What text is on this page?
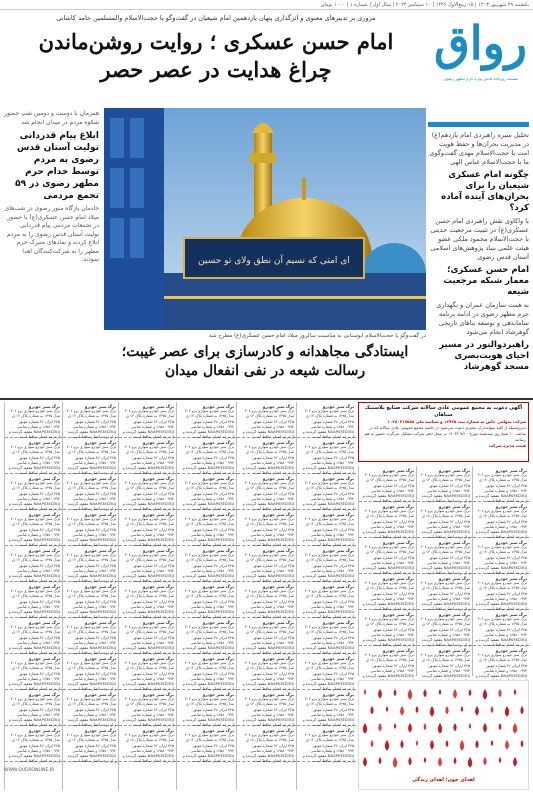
یکشنبه ۲۹ شهریور ۱۴۰۳ | ۱۵ ربیع‌الاول ۱۴۴۶ | ۱۰ سپتامبر ۲۰۲۴ | سال اول | شماره ۱ | ۱۰۰۰ تومان
رواق
ضمیمه روزنامه قدس ویژه حرم مطهر رضوی
مروری بر تدبیرهای معنوی و اثرگذاری پنهان یازدهمین امام شیعیان در گفت‌وگو با حجت‌الاسلام والمسلمین حامد کاشانی
امام حسن عسکری ؛ روایت روشن‌ماندن
چراغ هدایت در عصر حصر

تحلیل سیره راهبردی امام یازدهم(ع) در مدیریت بحران‌ها و حفظ هویت امت با حجت‌الاسلام مهدی گفت‌وگوی ما با حجت‌الاسلام عباس الهی

چگونه امام عسکری شیعیان را برای بحران‌های آینده آماده کرد؟

با واکاوی نقش راهبردی امام حسن عسکری(ع) در تثبیت مرجعیت حدیثی با حجت‌الاسلام محمود ملکی عضو هیئت علمی بنیاد پژوهش‌های اسلامی آستان قدس رضوی

امام حسن عسکری؛ معمار شبکه مرجعیت شیعه

به همت سازمان عمران و نگهداری حرم مطهر رضوی در ادامه برنامه ساماندهی و توسعه بناهای تاریخی گوهرشاد انجام می‌شود

راهبردوالنور در مسیر احیای هویت‌بصری مسجد گوهرشاد

همزمان با دوست و دومین شب حضور شکوه مردم در میدان انجام شد

ابلاغ پیام قدردانی تولیت آستان قدس رضوی به مردم توسط خدام حرم مطهر رضوی در ۵۹ تجمع مردمی

خادمان بارگاه منور رضوی در شب‌های میلاد امام حسن عسکری(ع) با حضور در تجمعات مردمی پیام قدردانی تولیت آستان قدس رضوی را به مردم ابلاغ کردند و نمادهای متبرک حرم مطهر را به شرکت‌کنندگان اهدا نمودند.	ای امتی که نسیم آن نطق ولای تو حسین
در گفت‌وگو با حجت‌الاسلام ابوسنانی به مناسبت سالروز میلاد امام حسن عسکری(ع) مطرح شد
ایستادگی مجاهدانه و کادرسازی برای عصر غیبت؛
رسالت شیعه در نفی انفعال میدان
آگهی دعوت به مجمع عمومی عادی سالانه شرکت صنایع پلاستیک سپاهان
شرکت سهامی خاص به شماره ثبت ۱۶۷۲۵ و شناسه ملی ۱۰۲۸۰۳۱۷۵۸۸
بدین‌وسیله از کلیه سهامداران محترم دعوت می‌شود در جلسه مجمع عمومی عادی سالانه که در ساعت ۱۰ صبح روز سه‌شنبه مورخ ۱۴۰۳/۰۷/۱۰ در محل دفتر شرکت تشکیل می‌گردد حضور به هم رسانند.
هیئت مدیره شرکت
برگ سبز خودرو
برگ سبز خودرو سواری پژو ۲۰۶ مدل ۱۳۹۵ به شماره پلاک ۱۲ ق ۳۴۵ ایران ۳۶ شماره موتور ۱۶۵۸۰۰۹۹۴ و شماره شاسی NAAP03ED3GJ مفقود گردیده و از درجه اعتبار ساقط است.
برگ سبز خودرو
برگ سبز خودرو سواری پژو ۲۰۶ مدل ۱۳۹۵ به شماره پلاک ۱۲ ق ۳۴۵ ایران ۳۶ شماره موتور ۱۶۵۸۰۰۹۹۴ و شماره شاسی NAAP03ED3GJ مفقود گردیده و از درجه اعتبار ساقط است.
برگ سبز خودرو
برگ سبز خودرو سواری پژو ۲۰۶ مدل ۱۳۹۵ به شماره پلاک ۱۲ ق ۳۴۵ ایران ۳۶ شماره موتور ۱۶۵۸۰۰۹۹۴ و شماره شاسی NAAP03ED3GJ مفقود گردیده و از درجه اعتبار ساقط است.
برگ سبز خودرو
برگ سبز خودرو سواری پژو ۲۰۶ مدل ۱۳۹۵ به شماره پلاک ۱۲ ق ۳۴۵ ایران ۳۶ شماره موتور ۱۶۵۸۰۰۹۹۴ و شماره شاسی NAAP03ED3GJ مفقود گردیده و از درجه اعتبار ساقط است.
برگ سبز خودرو
برگ سبز خودرو سواری پژو ۲۰۶ مدل ۱۳۹۵ به شماره پلاک ۱۲ ق ۳۴۵ ایران ۳۶ شماره موتور ۱۶۵۸۰۰۹۹۴ و شماره شاسی NAAP03ED3GJ مفقود گردیده و از درجه اعتبار ساقط است.
برگ سبز خودرو
برگ سبز خودرو سواری پژو ۲۰۶ مدل ۱۳۹۵ به شماره پلاک ۱۲ ق ۳۴۵ ایران ۳۶ شماره موتور ۱۶۵۸۰۰۹۹۴ و شماره شاسی NAAP03ED3GJ مفقود گردیده و از درجه اعتبار ساقط است.
برگ سبز خودرو
برگ سبز خودرو سواری پژو ۲۰۶ مدل ۱۳۹۵ به شماره پلاک ۱۲ ق ۳۴۵ ایران ۳۶ شماره موتور ۱۶۵۸۰۰۹۹۴ و شماره شاسی NAAP03ED3GJ مفقود گردیده و از درجه اعتبار ساقط است.
برگ سبز خودرو
برگ سبز خودرو سواری پژو ۲۰۶ مدل ۱۳۹۵ به شماره پلاک ۱۲ ق ۳۴۵ ایران ۳۶ شماره موتور ۱۶۵۸۰۰۹۹۴ و شماره شاسی NAAP03ED3GJ مفقود گردیده و از درجه اعتبار ساقط است.
برگ سبز خودرو
برگ سبز خودرو سواری پژو ۲۰۶ مدل ۱۳۹۵ به شماره پلاک ۱۲ ق ۳۴۵ ایران ۳۶ شماره موتور ۱۶۵۸۰۰۹۹۴ و شماره شاسی NAAP03ED3GJ مفقود گردیده و از درجه اعتبار ساقط است.
برگ سبز خودرو
برگ سبز خودرو سواری پژو ۲۰۶ مدل ۱۳۹۵ به شماره پلاک ۱۲ ق ۳۴۵ ایران ۳۶ شماره موتور ۱۶۵۸۰۰۹۹۴ و شماره شاسی NAAP03ED3GJ مفقود گردیده و از درجه اعتبار ساقط است.
برگ سبز خودرو
برگ سبز خودرو سواری پژو ۲۰۶ مدل ۱۳۹۵ به شماره پلاک ۱۲ ق ۳۴۵ ایران ۳۶ شماره موتور ۱۶۵۸۰۰۹۹۴ و شماره شاسی NAAP03ED3GJ مفقود گردیده و از درجه اعتبار ساقط است.
برگ سبز خودرو
برگ سبز خودرو سواری پژو ۲۰۶ مدل ۱۳۹۵ به شماره پلاک ۱۲ ق ۳۴۵ ایران ۳۶ شماره موتور ۱۶۵۸۰۰۹۹۴ و شماره شاسی NAAP03ED3GJ مفقود گردیده و از درجه اعتبار ساقط است.
برگ سبز خودرو
برگ سبز خودرو سواری پژو ۲۰۶ مدل ۱۳۹۵ به شماره پلاک ۱۲ ق ۳۴۵ ایران ۳۶ شماره موتور ۱۶۵۸۰۰۹۹۴ و شماره شاسی NAAP03ED3GJ مفقود گردیده و از درجه اعتبار ساقط است.
برگ سبز خودرو
برگ سبز خودرو سواری پژو ۲۰۶ مدل ۱۳۹۵ به شماره پلاک ۱۲ ق ۳۴۵ ایران ۳۶ شماره موتور ۱۶۵۸۰۰۹۹۴ و شماره شاسی NAAP03ED3GJ مفقود گردیده و از درجه اعتبار ساقط است.
برگ سبز خودرو
برگ سبز خودرو سواری پژو ۲۰۶ مدل ۱۳۹۵ به شماره پلاک ۱۲ ق ۳۴۵ ایران ۳۶ شماره موتور ۱۶۵۸۰۰۹۹۴ و شماره شاسی NAAP03ED3GJ مفقود گردیده و از درجه اعتبار ساقط است.
برگ سبز خودرو
برگ سبز خودرو سواری پژو ۲۰۶ مدل ۱۳۹۵ به شماره پلاک ۱۲ ق ۳۴۵ ایران ۳۶ شماره موتور ۱۶۵۸۰۰۹۹۴ و شماره شاسی NAAP03ED3GJ مفقود گردیده و از درجه اعتبار ساقط است.
برگ سبز خودرو
برگ سبز خودرو سواری پژو ۲۰۶ مدل ۱۳۹۵ به شماره پلاک ۱۲ ق ۳۴۵ ایران ۳۶ شماره موتور ۱۶۵۸۰۰۹۹۴ و شماره شاسی NAAP03ED3GJ مفقود گردیده و از درجه اعتبار ساقط است.
برگ سبز خودرو
برگ سبز خودرو سواری پژو ۲۰۶ مدل ۱۳۹۵ به شماره پلاک ۱۲ ق ۳۴۵ ایران ۳۶ شماره موتور ۱۶۵۸۰۰۹۹۴ و شماره شاسی NAAP03ED3GJ مفقود گردیده و از درجه اعتبار ساقط است.
برگ سبز خودرو
برگ سبز خودرو سواری پژو ۲۰۶ مدل ۱۳۹۵ به شماره پلاک ۱۲ ق ۳۴۵ ایران ۳۶ شماره موتور ۱۶۵۸۰۰۹۹۴ و شماره شاسی NAAP03ED3GJ مفقود گردیده و از درجه اعتبار ساقط است.
برگ سبز خودرو
برگ سبز خودرو سواری پژو ۲۰۶ مدل ۱۳۹۵ به شماره پلاک ۱۲ ق ۳۴۵ ایران ۳۶ شماره موتور ۱۶۵۸۰۰۹۹۴ و شماره شاسی NAAP03ED3GJ مفقود گردیده و از درجه اعتبار ساقط است.
برگ سبز خودرو
برگ سبز خودرو سواری پژو ۲۰۶ مدل ۱۳۹۵ به شماره پلاک ۱۲ ق ۳۴۵ ایران ۳۶ شماره موتور ۱۶۵۸۰۰۹۹۴ و شماره شاسی NAAP03ED3GJ مفقود گردیده و از درجه اعتبار ساقط است.
برگ سبز خودرو
برگ سبز خودرو سواری پژو ۲۰۶ مدل ۱۳۹۵ به شماره پلاک ۱۲ ق ۳۴۵ ایران ۳۶ شماره موتور ۱۶۵۸۰۰۹۹۴ و شماره شاسی NAAP03ED3GJ مفقود گردیده و از درجه اعتبار ساقط است.
برگ سبز خودرو
برگ سبز خودرو سواری پژو ۲۰۶ مدل ۱۳۹۵ به شماره پلاک ۱۲ ق ۳۴۵ ایران ۳۶ شماره موتور ۱۶۵۸۰۰۹۹۴ و شماره شاسی NAAP03ED3GJ مفقود گردیده و از درجه اعتبار ساقط است.
برگ سبز خودرو
برگ سبز خودرو سواری پژو ۲۰۶ مدل ۱۳۹۵ به شماره پلاک ۱۲ ق ۳۴۵ ایران ۳۶ شماره موتور ۱۶۵۸۰۰۹۹۴ و شماره شاسی NAAP03ED3GJ مفقود گردیده و از درجه اعتبار ساقط است.
برگ سبز خودرو
برگ سبز خودرو سواری پژو ۲۰۶ مدل ۱۳۹۵ به شماره پلاک ۱۲ ق ۳۴۵ ایران ۳۶ شماره موتور ۱۶۵۸۰۰۹۹۴ و شماره شاسی NAAP03ED3GJ مفقود گردیده و از درجه اعتبار ساقط است.
برگ سبز خودرو
برگ سبز خودرو سواری پژو ۲۰۶ مدل ۱۳۹۵ به شماره پلاک ۱۲ ق ۳۴۵ ایران ۳۶ شماره موتور ۱۶۵۸۰۰۹۹۴ و شماره شاسی NAAP03ED3GJ مفقود گردیده و از درجه اعتبار ساقط است.
برگ سبز خودرو
برگ سبز خودرو سواری پژو ۲۰۶ مدل ۱۳۹۵ به شماره پلاک ۱۲ ق ۳۴۵ ایران ۳۶ شماره موتور ۱۶۵۸۰۰۹۹۴ و شماره شاسی NAAP03ED3GJ مفقود گردیده و از درجه اعتبار ساقط است.
برگ سبز خودرو
برگ سبز خودرو سواری پژو ۲۰۶ مدل ۱۳۹۵ به شماره پلاک ۱۲ ق ۳۴۵ ایران ۳۶ شماره موتور ۱۶۵۸۰۰۹۹۴ و شماره شاسی NAAP03ED3GJ مفقود گردیده و از درجه اعتبار ساقط است.
برگ سبز خودرو
برگ سبز خودرو سواری پژو ۲۰۶ مدل ۱۳۹۵ به شماره پلاک ۱۲ ق ۳۴۵ ایران ۳۶ شماره موتور ۱۶۵۸۰۰۹۹۴ و شماره شاسی NAAP03ED3GJ مفقود گردیده و از درجه اعتبار ساقط است.
برگ سبز خودرو
برگ سبز خودرو سواری پژو ۲۰۶ مدل ۱۳۹۵ به شماره پلاک ۱۲ ق ۳۴۵ ایران ۳۶ شماره موتور ۱۶۵۸۰۰۹۹۴ و شماره شاسی NAAP03ED3GJ مفقود گردیده و از درجه اعتبار ساقط است.
برگ سبز خودرو
برگ سبز خودرو سواری پژو ۲۰۶ مدل ۱۳۹۵ به شماره پلاک ۱۲ ق ۳۴۵ ایران ۳۶ شماره موتور ۱۶۵۸۰۰۹۹۴ و شماره شاسی NAAP03ED3GJ مفقود گردیده و از درجه اعتبار ساقط است.
برگ سبز خودرو
برگ سبز خودرو سواری پژو ۲۰۶ مدل ۱۳۹۵ به شماره پلاک ۱۲ ق ۳۴۵ ایران ۳۶ شماره موتور ۱۶۵۸۰۰۹۹۴ و شماره شاسی NAAP03ED3GJ مفقود گردیده و از درجه اعتبار ساقط است.
برگ سبز خودرو
برگ سبز خودرو سواری پژو ۲۰۶ مدل ۱۳۹۵ به شماره پلاک ۱۲ ق ۳۴۵ ایران ۳۶ شماره موتور ۱۶۵۸۰۰۹۹۴ و شماره شاسی NAAP03ED3GJ مفقود گردیده و از درجه اعتبار ساقط است.
برگ سبز خودرو
برگ سبز خودرو سواری پژو ۲۰۶ مدل ۱۳۹۵ به شماره پلاک ۱۲ ق ۳۴۵ ایران ۳۶ شماره موتور ۱۶۵۸۰۰۹۹۴ و شماره شاسی NAAP03ED3GJ مفقود گردیده و از درجه اعتبار ساقط است.
برگ سبز خودرو
برگ سبز خودرو سواری پژو ۲۰۶ مدل ۱۳۹۵ به شماره پلاک ۱۲ ق ۳۴۵ ایران ۳۶ شماره موتور ۱۶۵۸۰۰۹۹۴ و شماره شاسی NAAP03ED3GJ مفقود گردیده و از درجه اعتبار ساقط است.
برگ سبز خودرو
برگ سبز خودرو سواری پژو ۲۰۶ مدل ۱۳۹۵ به شماره پلاک ۱۲ ق ۳۴۵ ایران ۳۶ شماره موتور ۱۶۵۸۰۰۹۹۴ و شماره شاسی NAAP03ED3GJ مفقود گردیده و از درجه اعتبار ساقط است.
برگ سبز خودرو
برگ سبز خودرو سواری پژو ۲۰۶ مدل ۱۳۹۵ به شماره پلاک ۱۲ ق ۳۴۵ ایران ۳۶ شماره موتور ۱۶۵۸۰۰۹۹۴ و شماره شاسی NAAP03ED3GJ مفقود گردیده و از درجه اعتبار ساقط است.
برگ سبز خودرو
برگ سبز خودرو سواری پژو ۲۰۶ مدل ۱۳۹۵ به شماره پلاک ۱۲ ق ۳۴۵ ایران ۳۶ شماره موتور ۱۶۵۸۰۰۹۹۴ و شماره شاسی NAAP03ED3GJ مفقود گردیده و از درجه اعتبار ساقط است.
برگ سبز خودرو
برگ سبز خودرو سواری پژو ۲۰۶ مدل ۱۳۹۵ به شماره پلاک ۱۲ ق ۳۴۵ ایران ۳۶ شماره موتور ۱۶۵۸۰۰۹۹۴ و شماره شاسی NAAP03ED3GJ مفقود گردیده و از درجه اعتبار ساقط است.
برگ سبز خودرو
برگ سبز خودرو سواری پژو ۲۰۶ مدل ۱۳۹۵ به شماره پلاک ۱۲ ق ۳۴۵ ایران ۳۶ شماره موتور ۱۶۵۸۰۰۹۹۴ و شماره شاسی NAAP03ED3GJ مفقود گردیده و از درجه اعتبار ساقط است.
برگ سبز خودرو
برگ سبز خودرو سواری پژو ۲۰۶ مدل ۱۳۹۵ به شماره پلاک ۱۲ ق ۳۴۵ ایران ۳۶ شماره موتور ۱۶۵۸۰۰۹۹۴ و شماره شاسی NAAP03ED3GJ مفقود گردیده و از درجه اعتبار ساقط است.
برگ سبز خودرو
برگ سبز خودرو سواری پژو ۲۰۶ مدل ۱۳۹۵ به شماره پلاک ۱۲ ق ۳۴۵ ایران ۳۶ شماره موتور ۱۶۵۸۰۰۹۹۴ و شماره شاسی NAAP03ED3GJ مفقود گردیده و از درجه اعتبار ساقط است.
برگ سبز خودرو
برگ سبز خودرو سواری پژو ۲۰۶ مدل ۱۳۹۵ به شماره پلاک ۱۲ ق ۳۴۵ ایران ۳۶ شماره موتور ۱۶۵۸۰۰۹۹۴ و شماره شاسی NAAP03ED3GJ مفقود گردیده و از درجه اعتبار ساقط است.
برگ سبز خودرو
برگ سبز خودرو سواری پژو ۲۰۶ مدل ۱۳۹۵ به شماره پلاک ۱۲ ق ۳۴۵ ایران ۳۶ شماره موتور ۱۶۵۸۰۰۹۹۴ و شماره شاسی NAAP03ED3GJ مفقود گردیده و از درجه اعتبار ساقط است.
برگ سبز خودرو
برگ سبز خودرو سواری پژو ۲۰۶ مدل ۱۳۹۵ به شماره پلاک ۱۲ ق ۳۴۵ ایران ۳۶ شماره موتور ۱۶۵۸۰۰۹۹۴ و شماره شاسی NAAP03ED3GJ مفقود گردیده و از درجه اعتبار ساقط است.
برگ سبز خودرو
برگ سبز خودرو سواری پژو ۲۰۶ مدل ۱۳۹۵ به شماره پلاک ۱۲ ق ۳۴۵ ایران ۳۶ شماره موتور ۱۶۵۸۰۰۹۹۴ و شماره شاسی NAAP03ED3GJ مفقود گردیده و از درجه اعتبار ساقط است.
برگ سبز خودرو
برگ سبز خودرو سواری پژو ۲۰۶ مدل ۱۳۹۵ به شماره پلاک ۱۲ ق ۳۴۵ ایران ۳۶ شماره موتور ۱۶۵۸۰۰۹۹۴ و شماره شاسی NAAP03ED3GJ مفقود گردیده و از درجه اعتبار ساقط است.
برگ سبز خودرو
برگ سبز خودرو سواری پژو ۲۰۶ مدل ۱۳۹۵ به شماره پلاک ۱۲ ق ۳۴۵ ایران ۳۶ شماره موتور ۱۶۵۸۰۰۹۹۴ و شماره شاسی NAAP03ED3GJ مفقود گردیده و از درجه اعتبار ساقط است.
برگ سبز خودرو
برگ سبز خودرو سواری پژو ۲۰۶ مدل ۱۳۹۵ به شماره پلاک ۱۲ ق ۳۴۵ ایران ۳۶ شماره موتور ۱۶۵۸۰۰۹۹۴ و شماره شاسی NAAP03ED3GJ مفقود گردیده و از درجه اعتبار ساقط است.
برگ سبز خودرو
برگ سبز خودرو سواری پژو ۲۰۶ مدل ۱۳۹۵ به شماره پلاک ۱۲ ق ۳۴۵ ایران ۳۶ شماره موتور ۱۶۵۸۰۰۹۹۴ و شماره شاسی NAAP03ED3GJ مفقود گردیده و از درجه اعتبار ساقط است.
برگ سبز خودرو
برگ سبز خودرو سواری پژو ۲۰۶ مدل ۱۳۹۵ به شماره پلاک ۱۲ ق ۳۴۵ ایران ۳۶ شماره موتور ۱۶۵۸۰۰۹۹۴ و شماره شاسی NAAP03ED3GJ مفقود گردیده و از درجه اعتبار ساقط است.
برگ سبز خودرو
برگ سبز خودرو سواری پژو ۲۰۶ مدل ۱۳۹۵ به شماره پلاک ۱۲ ق ۳۴۵ ایران ۳۶ شماره موتور ۱۶۵۸۰۰۹۹۴ و شماره شاسی NAAP03ED3GJ مفقود گردیده و از درجه اعتبار ساقط است.
برگ سبز خودرو
برگ سبز خودرو سواری پژو ۲۰۶ مدل ۱۳۹۵ به شماره پلاک ۱۲ ق ۳۴۵ ایران ۳۶ شماره موتور ۱۶۵۸۰۰۹۹۴ و شماره شاسی NAAP03ED3GJ مفقود گردیده و از درجه اعتبار ساقط است.
برگ سبز خودرو
برگ سبز خودرو سواری پژو ۲۰۶ مدل ۱۳۹۵ به شماره پلاک ۱۲ ق ۳۴۵ ایران ۳۶ شماره موتور ۱۶۵۸۰۰۹۹۴ و شماره شاسی NAAP03ED3GJ مفقود گردیده و از درجه اعتبار ساقط است.
برگ سبز خودرو
برگ سبز خودرو سواری پژو ۲۰۶ مدل ۱۳۹۵ به شماره پلاک ۱۲ ق ۳۴۵ ایران ۳۶ شماره موتور ۱۶۵۸۰۰۹۹۴ و شماره شاسی NAAP03ED3GJ مفقود گردیده و از درجه اعتبار ساقط است.
برگ سبز خودرو
برگ سبز خودرو سواری پژو ۲۰۶ مدل ۱۳۹۵ به شماره پلاک ۱۲ ق ۳۴۵ ایران ۳۶ شماره موتور ۱۶۵۸۰۰۹۹۴ و شماره شاسی NAAP03ED3GJ مفقود گردیده و از درجه اعتبار ساقط است.
برگ سبز خودرو
برگ سبز خودرو سواری پژو ۲۰۶ مدل ۱۳۹۵ به شماره پلاک ۱۲ ق ۳۴۵ ایران ۳۶ شماره موتور ۱۶۵۸۰۰۹۹۴ و شماره شاسی NAAP03ED3GJ مفقود گردیده و از درجه اعتبار ساقط است.
برگ سبز خودرو
برگ سبز خودرو سواری پژو ۲۰۶ مدل ۱۳۹۵ به شماره پلاک ۱۲ ق ۳۴۵ ایران ۳۶ شماره موتور ۱۶۵۸۰۰۹۹۴ و شماره شاسی NAAP03ED3GJ مفقود گردیده و از درجه اعتبار ساقط است.
برگ سبز خودرو
برگ سبز خودرو سواری پژو ۲۰۶ مدل ۱۳۹۵ به شماره پلاک ۱۲ ق ۳۴۵ ایران ۳۶ شماره موتور ۱۶۵۸۰۰۹۹۴ و شماره شاسی NAAP03ED3GJ مفقود گردیده و از درجه اعتبار ساقط است.
برگ سبز خودرو
برگ سبز خودرو سواری پژو ۲۰۶ مدل ۱۳۹۵ به شماره پلاک ۱۲ ق ۳۴۵ ایران ۳۶ شماره موتور ۱۶۵۸۰۰۹۹۴ و شماره شاسی NAAP03ED3GJ مفقود گردیده و از درجه اعتبار ساقط است.
برگ سبز خودرو
برگ سبز خودرو سواری پژو ۲۰۶ مدل ۱۳۹۵ به شماره پلاک ۱۲ ق ۳۴۵ ایران ۳۶ شماره موتور ۱۶۵۸۰۰۹۹۴ و شماره شاسی NAAP03ED3GJ مفقود گردیده و از درجه اعتبار ساقط است.
برگ سبز خودرو
برگ سبز خودرو سواری پژو ۲۰۶ مدل ۱۳۹۵ به شماره پلاک ۱۲ ق ۳۴۵ ایران ۳۶ شماره موتور ۱۶۵۸۰۰۹۹۴ و شماره شاسی NAAP03ED3GJ مفقود گردیده و از درجه اعتبار ساقط است.
برگ سبز خودرو
برگ سبز خودرو سواری پژو ۲۰۶ مدل ۱۳۹۵ به شماره پلاک ۱۲ ق ۳۴۵ ایران ۳۶ شماره موتور ۱۶۵۸۰۰۹۹۴ و شماره شاسی NAAP03ED3GJ مفقود گردیده و از درجه اعتبار ساقط است.
برگ سبز خودرو
برگ سبز خودرو سواری پژو ۲۰۶ مدل ۱۳۹۵ به شماره پلاک ۱۲ ق ۳۴۵ ایران ۳۶ شماره موتور ۱۶۵۸۰۰۹۹۴ و شماره شاسی NAAP03ED3GJ مفقود گردیده و از درجه اعتبار ساقط است.
برگ سبز خودرو
برگ سبز خودرو سواری پژو ۲۰۶ مدل ۱۳۹۵ به شماره پلاک ۱۲ ق ۳۴۵ ایران ۳۶ شماره موتور ۱۶۵۸۰۰۹۹۴ و شماره شاسی NAAP03ED3GJ مفقود گردیده و از درجه اعتبار ساقط است.
برگ سبز خودرو
برگ سبز خودرو سواری پژو ۲۰۶ مدل ۱۳۹۵ به شماره پلاک ۱۲ ق ۳۴۵ ایران ۳۶ شماره موتور ۱۶۵۸۰۰۹۹۴ و شماره شاسی NAAP03ED3GJ مفقود گردیده و
برگ سبز خودرو
برگ سبز خودرو سواری پژو ۲۰۶ مدل ۱۳۹۵ به شماره پلاک ۱۲ ق ۳۴۵ ایران ۳۶ شماره موتور ۱۶۵۸۰۰۹۹۴ و شماره شاسی NAAP03ED3GJ مفقود گردیده و از درجه اعتبار ساقط است.
برگ سبز خودرو
برگ سبز خودرو سواری پژو ۲۰۶ مدل ۱۳۹۵ به شماره پلاک ۱۲ ق ۳۴۵ ایران ۳۶ شماره موتور ۱۶۵۸۰۰۹۹۴ و شماره شاسی NAAP03ED3GJ مفقود گردیده و از درجه اعتبار ساقط است.
برگ سبز خودرو
برگ سبز خودرو سواری پژو ۲۰۶ مدل ۱۳۹۵ به شماره پلاک ۱۲ ق ۳۴۵ ایران ۳۶ شماره موتور ۱۶۵۸۰۰۹۹۴ و شماره شاسی NAAP03ED3GJ مفقود گردیده و از درجه اعتبار ساقط است.
برگ سبز خودرو
برگ سبز خودرو سواری پژو ۲۰۶ مدل ۱۳۹۵ به شماره پلاک ۱۲ ق ۳۴۵ ایران ۳۶ شماره موتور ۱۶۵۸۰۰۹۹۴ و شماره شاسی NAAP03ED3GJ مفقود گردیده و از درجه اعتبار ساقط است.
برگ سبز خودرو
برگ سبز خودرو سواری پژو ۲۰۶ مدل ۱۳۹۵ به شماره پلاک ۱۲ ق ۳۴۵ ایران ۳۶ شماره موتور ۱۶۵۸۰۰۹۹۴ و شماره شاسی NAAP03ED3GJ مفقود گردیده و از درجه اعتبار ساقط است.
برگ سبز خودرو
برگ سبز خودرو سواری پژو ۲۰۶ مدل ۱۳۹۵ به شماره پلاک ۱۲ ق ۳۴۵ ایران ۳۶ شماره موتور ۱۶۵۸۰۰۹۹۴ و شماره شاسی NAAP03ED3GJ مفقود گردیده
برگ سبز خودرو
برگ سبز خودرو سواری پژو ۲۰۶ مدل ۱۳۹۵ به شماره پلاک ۱۲ ق ۳۴۵ ایران ۳۶ شماره موتور ۱۶۵۸۰۰۹۹۴ و شماره شاسی NAAP03ED3GJ مفقود گردیده و از درجه اعتبار ساقط است.
برگ سبز خودرو
برگ سبز خودرو سواری پژو ۲۰۶ مدل ۱۳۹۵ به شماره پلاک ۱۲ ق ۳۴۵ ایران ۳۶ شماره موتور ۱۶۵۸۰۰۹۹۴ و شماره شاسی NAAP03ED3GJ مفقود گردیده و از درجه اعتبار ساقط است.
برگ سبز خودرو
برگ سبز خودرو سواری پژو ۲۰۶ مدل ۱۳۹۵ به شماره پلاک ۱۲ ق ۳۴۵ ایران ۳۶ شماره موتور ۱۶۵۸۰۰۹۹۴ و شماره شاسی NAAP03ED3GJ مفقود گردیده و از درجه اعتبار ساقط است.
برگ سبز خودرو
برگ سبز خودرو سواری پژو ۲۰۶ مدل ۱۳۹۵ به شماره پلاک ۱۲ ق ۳۴۵ ایران ۳۶ شماره موتور ۱۶۵۸۰۰۹۹۴ و شماره شاسی NAAP03ED3GJ مفقود گردیده و از درجه اعتبار ساقط است.
برگ سبز خودرو
برگ سبز خودرو سواری پژو ۲۰۶ مدل ۱۳۹۵ به شماره پلاک ۱۲ ق ۳۴۵ ایران ۳۶ شماره موتور ۱۶۵۸۰۰۹۹۴ و شماره شاسی NAAP03ED3GJ مفقود گردیده و از درجه اعتبار ساقط است.
برگ سبز خودرو
برگ سبز خودرو سواری پژو ۲۰۶ مدل ۱۳۹۵ به شماره پلاک ۱۲ ق ۳۴۵ ایران ۳۶ شماره موتور ۱۶۵۸۰۰۹۹۴ و شماره شاسی NAAP03ED3GJ مفقود گردیده و
اهدای خون؛ اهدای زندگی
WWW.QUDSONLINE.IR
